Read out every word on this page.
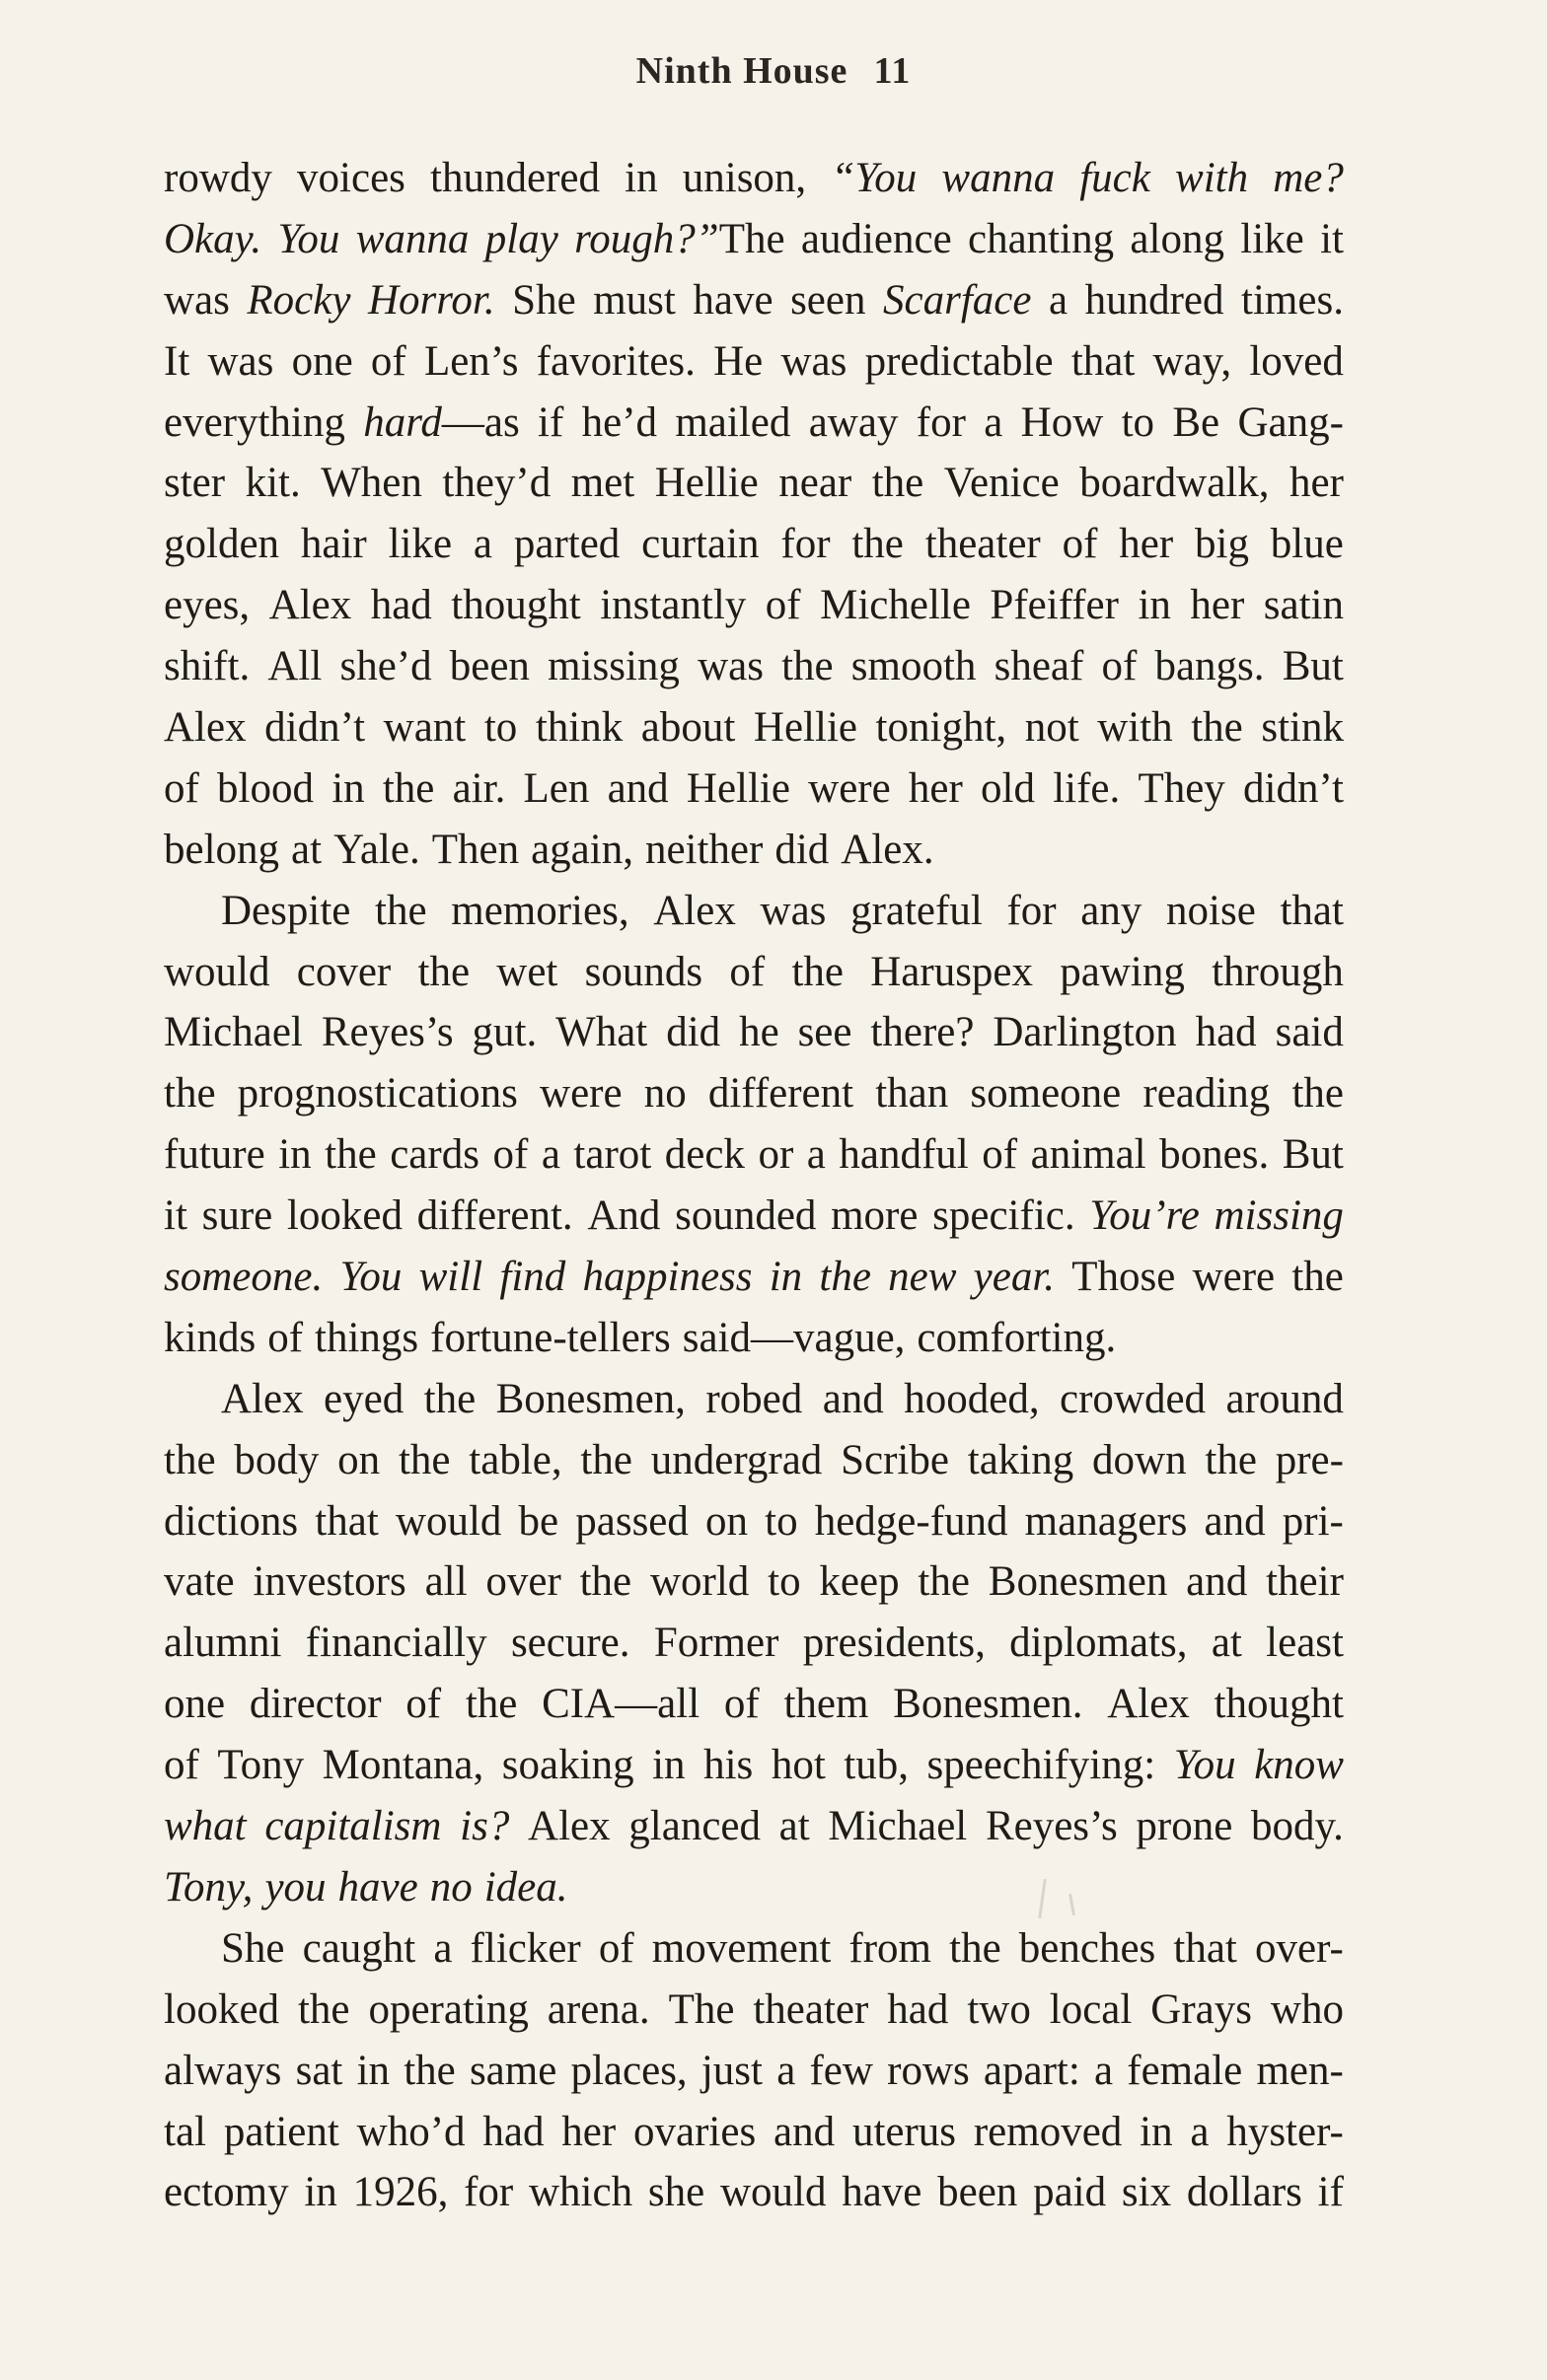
Ninth House 11
rowdy voices thundered in unison, “You wanna fuck with me?
Okay. You wanna play rough?”The audience chanting along like it
was Rocky Horror. She must have seen Scarface a hundred times.
It was one of Len’s favorites. He was predictable that way, loved
everything hard—as if he’d mailed away for a How to Be Gang-
ster kit. When they’d met Hellie near the Venice boardwalk, her
golden hair like a parted curtain for the theater of her big blue
eyes, Alex had thought instantly of Michelle Pfeiffer in her satin
shift. All she’d been missing was the smooth sheaf of bangs. But
Alex didn’t want to think about Hellie tonight, not with the stink
of blood in the air. Len and Hellie were her old life. They didn’t
belong at Yale. Then again, neither did Alex.
Despite the memories, Alex was grateful for any noise that
would cover the wet sounds of the Haruspex pawing through
Michael Reyes’s gut. What did he see there? Darlington had said
the prognostications were no different than someone reading the
future in the cards of a tarot deck or a handful of animal bones. But
it sure looked different. And sounded more specific. You’re missing
someone. You will find happiness in the new year. Those were the
kinds of things fortune-tellers said—vague, comforting.
Alex eyed the Bonesmen, robed and hooded, crowded around
the body on the table, the undergrad Scribe taking down the pre-
dictions that would be passed on to hedge-fund managers and pri-
vate investors all over the world to keep the Bonesmen and their
alumni financially secure. Former presidents, diplomats, at least
one director of the CIA—all of them Bonesmen. Alex thought
of Tony Montana, soaking in his hot tub, speechifying: You know
what capitalism is? Alex glanced at Michael Reyes’s prone body.
Tony, you have no idea.
She caught a flicker of movement from the benches that over-
looked the operating arena. The theater had two local Grays who
always sat in the same places, just a few rows apart: a female men-
tal patient who’d had her ovaries and uterus removed in a hyster-
ectomy in 1926, for which she would have been paid six dollars if
